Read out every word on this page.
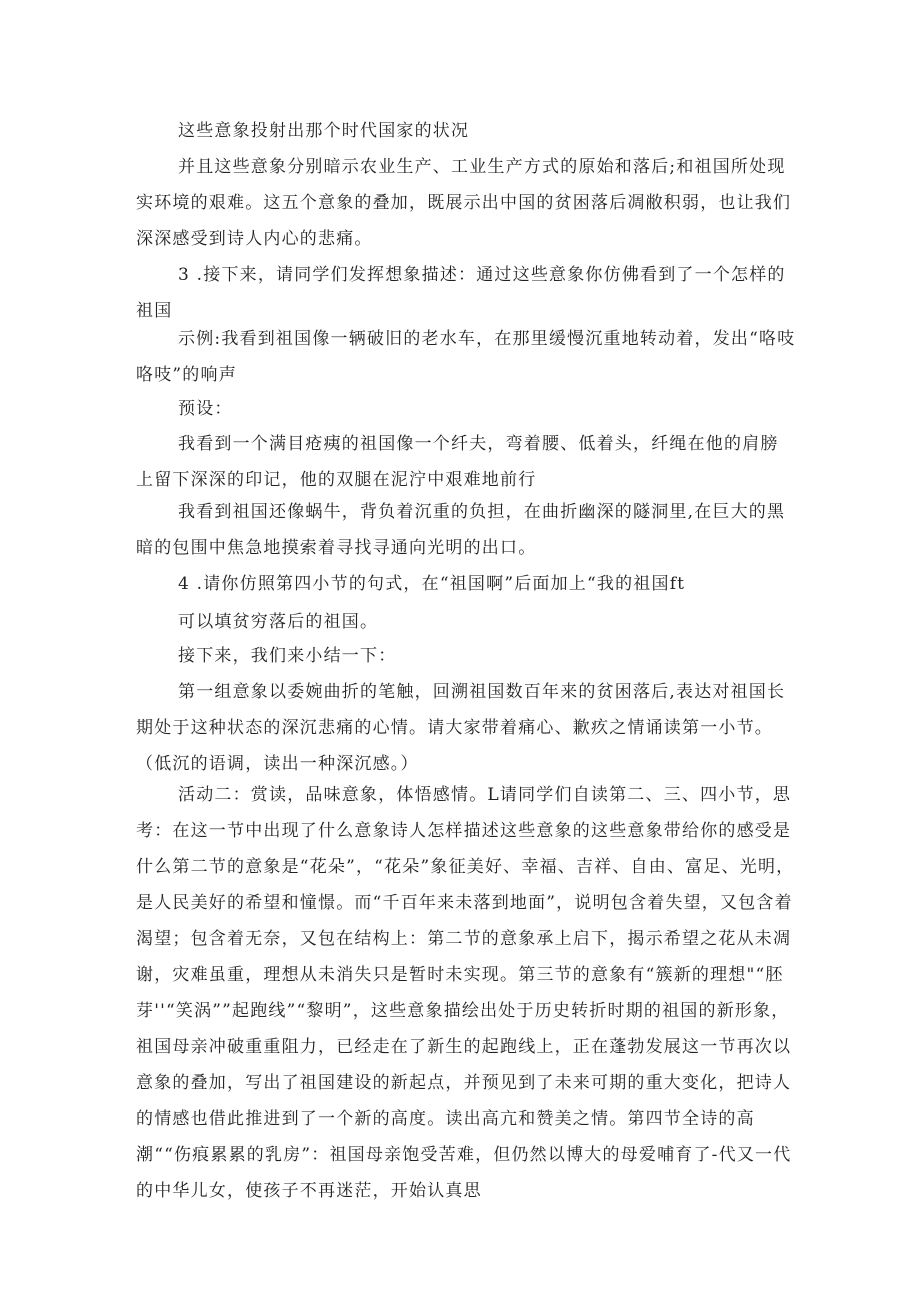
这些意象投射出那个时代国家的状况

并且这些意象分别暗示农业生产、工业生产方式的原始和落后;和祖国所处现实环境的艰难。这五个意象的叠加，既展示出中国的贫困落后凋敝积弱，也让我们深深感受到诗人内心的悲痛。

3 .接下来，请同学们发挥想象描述：通过这些意象你仿佛看到了一个怎样的祖国

示例:我看到祖国像一辆破旧的老水车，在那里缓慢沉重地转动着，发出“咯吱咯吱”的响声

预设：

我看到一个满目疮痍的祖国像一个纤夫，弯着腰、低着头，纤绳在他的肩膀上留下深深的印记，他的双腿在泥泞中艰难地前行

我看到祖国还像蜗牛，背负着沉重的负担，在曲折幽深的隧洞里,在巨大的黑暗的包围中焦急地摸索着寻找寻通向光明的出口。

4 .请你仿照第四小节的句式，在“祖国啊”后面加上“我的祖国ft

可以填贫穷落后的祖国。

接下来，我们来小结一下：

第一组意象以委婉曲折的笔触，回溯祖国数百年来的贫困落后,表达对祖国长期处于这种状态的深沉悲痛的心情。请大家带着痛心、歉疚之情诵读第一小节。（低沉的语调，读出一种深沉感。）

活动二：赏读，品味意象，体悟感情。L请同学们自读第二、三、四小节，思考：在这一节中出现了什么意象诗人怎样描述这些意象的这些意象带给你的感受是什么第二节的意象是“花朵”，“花朵”象征美好、幸福、吉祥、自由、富足、光明，是人民美好的希望和憧憬。而“千百年来未落到地面”，说明包含着失望，又包含着渴望；包含着无奈，又包在结构上：第二节的意象承上启下，揭示希望之花从未凋谢，灾难虽重，理想从未消失只是暂时未实现。第三节的意象有“簇新的理想"“胚芽''“笑涡””起跑线”“黎明”，这些意象描绘出处于历史转折时期的祖国的新形象，祖国母亲冲破重重阻力，已经走在了新生的起跑线上，正在蓬勃发展这一节再次以意象的叠加，写出了祖国建设的新起点，并预见到了未来可期的重大变化，把诗人的情感也借此推进到了一个新的高度。读出高亢和赞美之情。第四节全诗的高潮““伤痕累累的乳房”：祖国母亲饱受苦难，但仍然以博大的母爱哺育了-代又一代的中华儿女，使孩子不再迷茫，开始认真思
